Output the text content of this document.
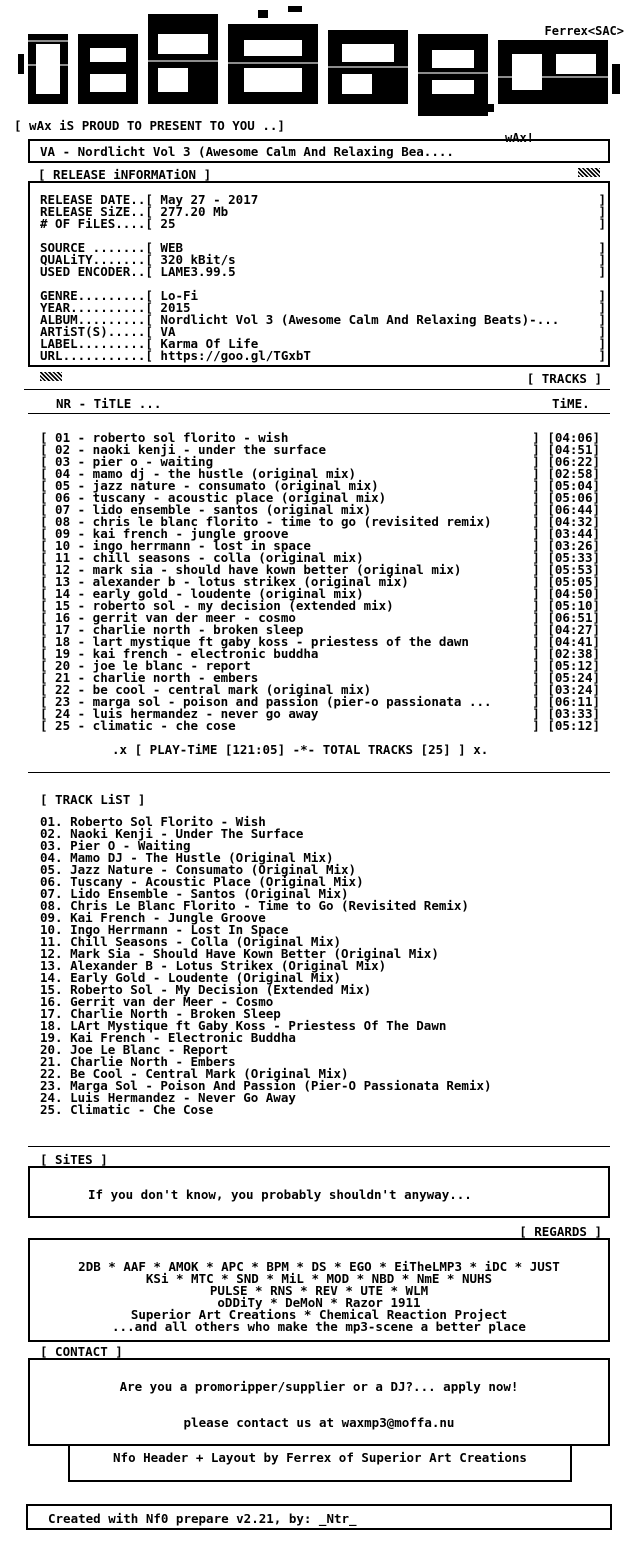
Ferrex<SAC>
[ wAx iS PROUD TO PRESENT TO YOU ..]
wAx!
VA - Nordlicht Vol 3 (Awesome Calm And Relaxing Bea....
[ RELEASE iNFORMATiON ]
RELEASE DATE..[ May 27 - 2017	]
RELEASE SiZE..[ 277.20 Mb	]
# OF FiLES....[ 25	]
SOURCE .......[ WEB	]
QUALiTY.......[ 320 kBit/s	]
USED ENCODER..[ LAME3.99.5	]
GENRE.........[ Lo-Fi	]
YEAR..........[ 2015	]
ALBUM.........[ Nordlicht Vol 3 (Awesome Calm And Relaxing Beats)-...	]
ARTiST(S).....[ VA	]
LABEL.........[ Karma Of Life	]
URL...........[ https://goo.gl/TGxbT	]
[ TRACKS ]
NR - TiTLE ...	TiME.
[ 01 - roberto sol florito - wish	] [04:06]
[ 02 - naoki kenji - under the surface	] [04:51]
[ 03 - pier o - waiting	] [06:22]
[ 04 - mamo dj - the hustle (original mix)	] [02:58]
[ 05 - jazz nature - consumato (original mix)	] [05:04]
[ 06 - tuscany - acoustic place (original mix)	] [05:06]
[ 07 - lido ensemble - santos (original mix)	] [06:44]
[ 08 - chris le blanc florito - time to go (revisited remix)	] [04:32]
[ 09 - kai french - jungle groove	] [03:44]
[ 10 - ingo herrmann - lost in space	] [03:26]
[ 11 - chill seasons - colla (original mix)	] [05:33]
[ 12 - mark sia - should have kown better (original mix)	] [05:53]
[ 13 - alexander b - lotus strikex (original mix)	] [05:05]
[ 14 - early gold - loudente (original mix)	] [04:50]
[ 15 - roberto sol - my decision (extended mix)	] [05:10]
[ 16 - gerrit van der meer - cosmo	] [06:51]
[ 17 - charlie north - broken sleep	] [04:27]
[ 18 - lart mystique ft gaby koss - priestess of the dawn	] [04:41]
[ 19 - kai french - electronic buddha	] [02:38]
[ 20 - joe le blanc - report	] [05:12]
[ 21 - charlie north - embers	] [05:24]
[ 22 - be cool - central mark (original mix)	] [03:24]
[ 23 - marga sol - poison and passion (pier-o passionata ...	] [06:11]
[ 24 - luis hermandez - never go away	] [03:33]
[ 25 - climatic - che cose	] [05:12]
.x [ PLAY-TiME [121:05] -*- TOTAL TRACKS [25] ] x.
[ TRACK LiST ]
01. Roberto Sol Florito - Wish
02. Naoki Kenji - Under The Surface
03. Pier O - Waiting
04. Mamo DJ - The Hustle (Original Mix)
05. Jazz Nature - Consumato (Original Mix)
06. Tuscany - Acoustic Place (Original Mix)
07. Lido Ensemble - Santos (Original Mix)
08. Chris Le Blanc Florito - Time to Go (Revisited Remix)
09. Kai French - Jungle Groove
10. Ingo Herrmann - Lost In Space
11. Chill Seasons - Colla (Original Mix)
12. Mark Sia - Should Have Kown Better (Original Mix)
13. Alexander B - Lotus Strikex (Original Mix)
14. Early Gold - Loudente (Original Mix)
15. Roberto Sol - My Decision (Extended Mix)
16. Gerrit van der Meer - Cosmo
17. Charlie North - Broken Sleep
18. LArt Mystique ft Gaby Koss - Priestess Of The Dawn
19. Kai French - Electronic Buddha
20. Joe Le Blanc - Report
21. Charlie North - Embers
22. Be Cool - Central Mark (Original Mix)
23. Marga Sol - Poison And Passion (Pier-O Passionata Remix)
24. Luis Hermandez - Never Go Away
25. Climatic - Che Cose
[ SiTES ]
If you don't know, you probably shouldn't anyway...
[ REGARDS ]
2DB * AAF * AMOK * APC * BPM * DS * EGO * EiTheLMP3 * iDC * JUST
KSi * MTC * SND * MiL * MOD * NBD * NmE * NUHS
PULSE * RNS * REV * UTE * WLM
oDDiTy * DeMoN * Razor 1911
Superior Art Creations * Chemical Reaction Project
...and all others who make the mp3-scene a better place
[ CONTACT ]
Are you a promoripper/supplier or a DJ?... apply now!
please contact us at waxmp3@moffa.nu
Nfo Header + Layout by Ferrex of Superior Art Creations
Created with Nf0 prepare v2.21, by: _Ntr_
